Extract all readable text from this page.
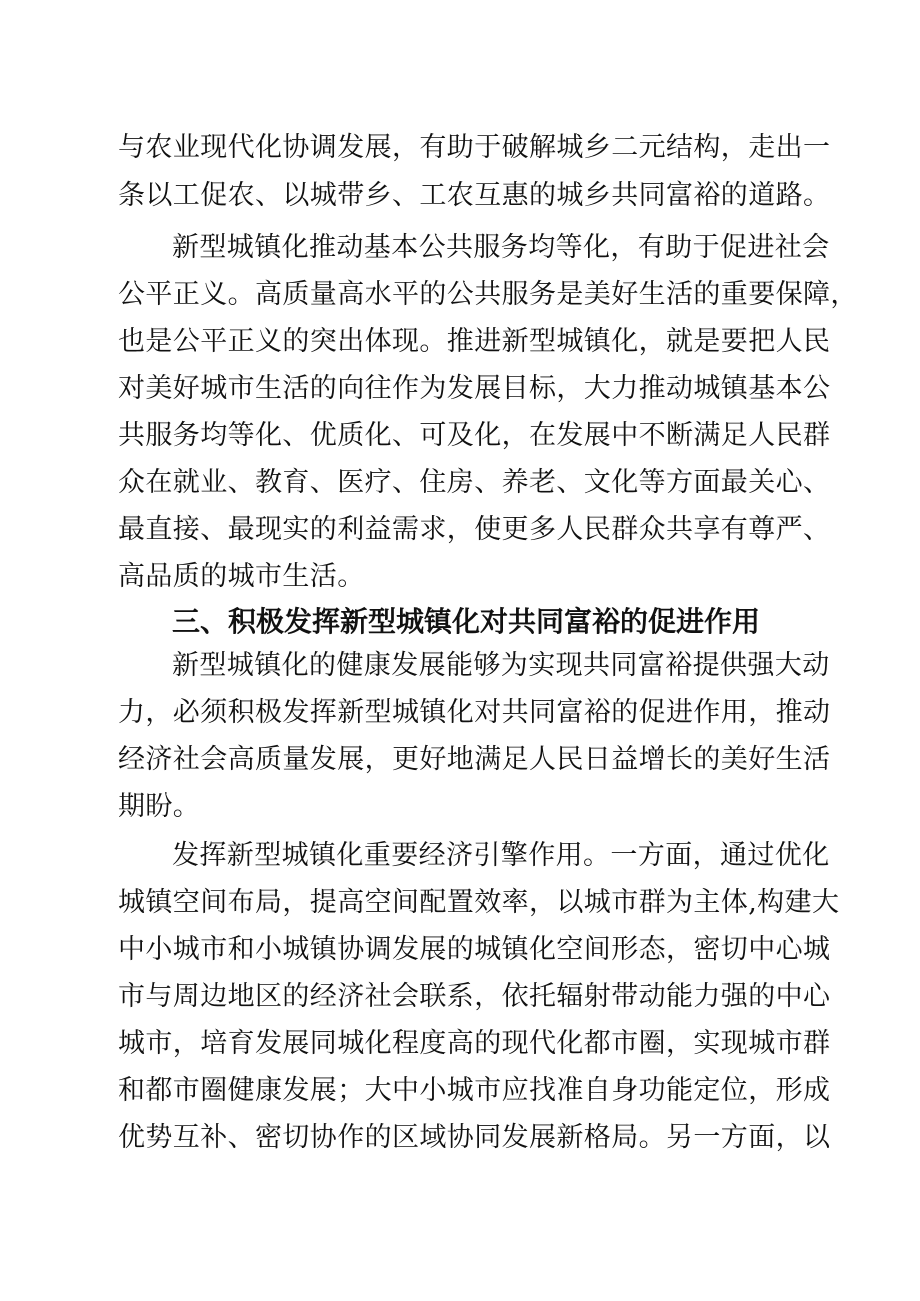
与农业现代化协调发展，有助于破解城乡二元结构，走出一
条以工促农、以城带乡、工农互惠的城乡共同富裕的道路。
新型城镇化推动基本公共服务均等化，有助于促进社会
公平正义。高质量高水平的公共服务是美好生活的重要保障，
也是公平正义的突出体现。推进新型城镇化，就是要把人民
对美好城市生活的向往作为发展目标，大力推动城镇基本公
共服务均等化、优质化、可及化，在发展中不断满足人民群
众在就业、教育、医疗、住房、养老、文化等方面最关心、
最直接、最现实的利益需求，使更多人民群众共享有尊严、
高品质的城市生活。
三、积极发挥新型城镇化对共同富裕的促进作用
新型城镇化的健康发展能够为实现共同富裕提供强大动
力，必须积极发挥新型城镇化对共同富裕的促进作用，推动
经济社会高质量发展，更好地满足人民日益增长的美好生活
期盼。
发挥新型城镇化重要经济引擎作用。一方面，通过优化
城镇空间布局，提高空间配置效率，以城市群为主体,构建大
中小城市和小城镇协调发展的城镇化空间形态，密切中心城
市与周边地区的经济社会联系，依托辐射带动能力强的中心
城市，培育发展同城化程度高的现代化都市圈，实现城市群
和都市圈健康发展；大中小城市应找准自身功能定位，形成
优势互补、密切协作的区域协同发展新格局。另一方面，以
